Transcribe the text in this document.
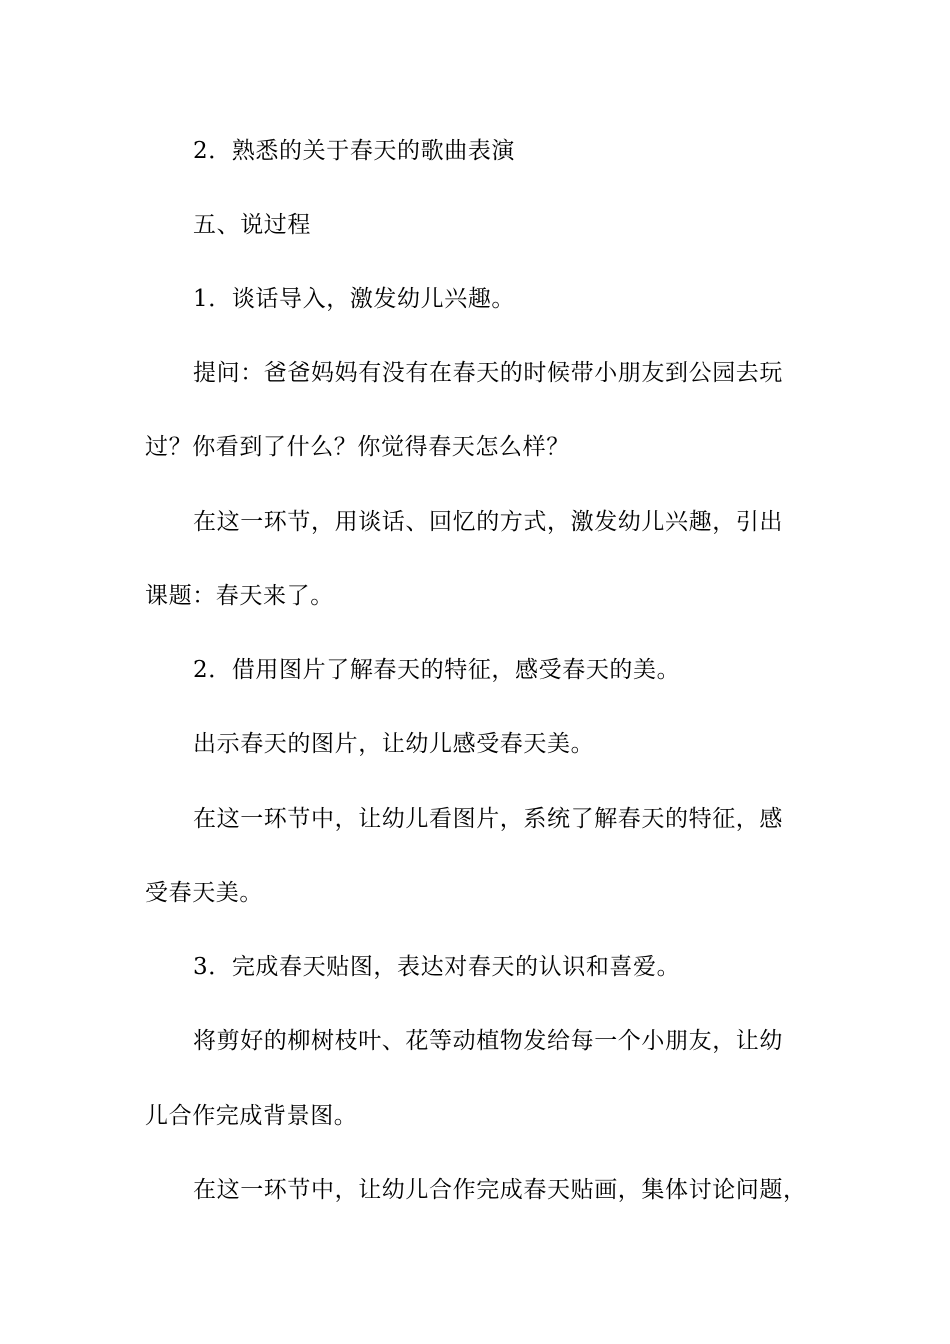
2．熟悉的关于春天的歌曲表演
五、说过程
1．谈话导入，激发幼儿兴趣。
提问：爸爸妈妈有没有在春天的时候带小朋友到公园去玩
过？你看到了什么？你觉得春天怎么样？
在这一环节，用谈话、回忆的方式，激发幼儿兴趣，引出
课题：春天来了。
2．借用图片了解春天的特征，感受春天的美。
出示春天的图片，让幼儿感受春天美。
在这一环节中，让幼儿看图片，系统了解春天的特征，感
受春天美。
3．完成春天贴图，表达对春天的认识和喜爱。
将剪好的柳树枝叶、花等动植物发给每一个小朋友，让幼
儿合作完成背景图。
在这一环节中，让幼儿合作完成春天贴画，集体讨论问题，
